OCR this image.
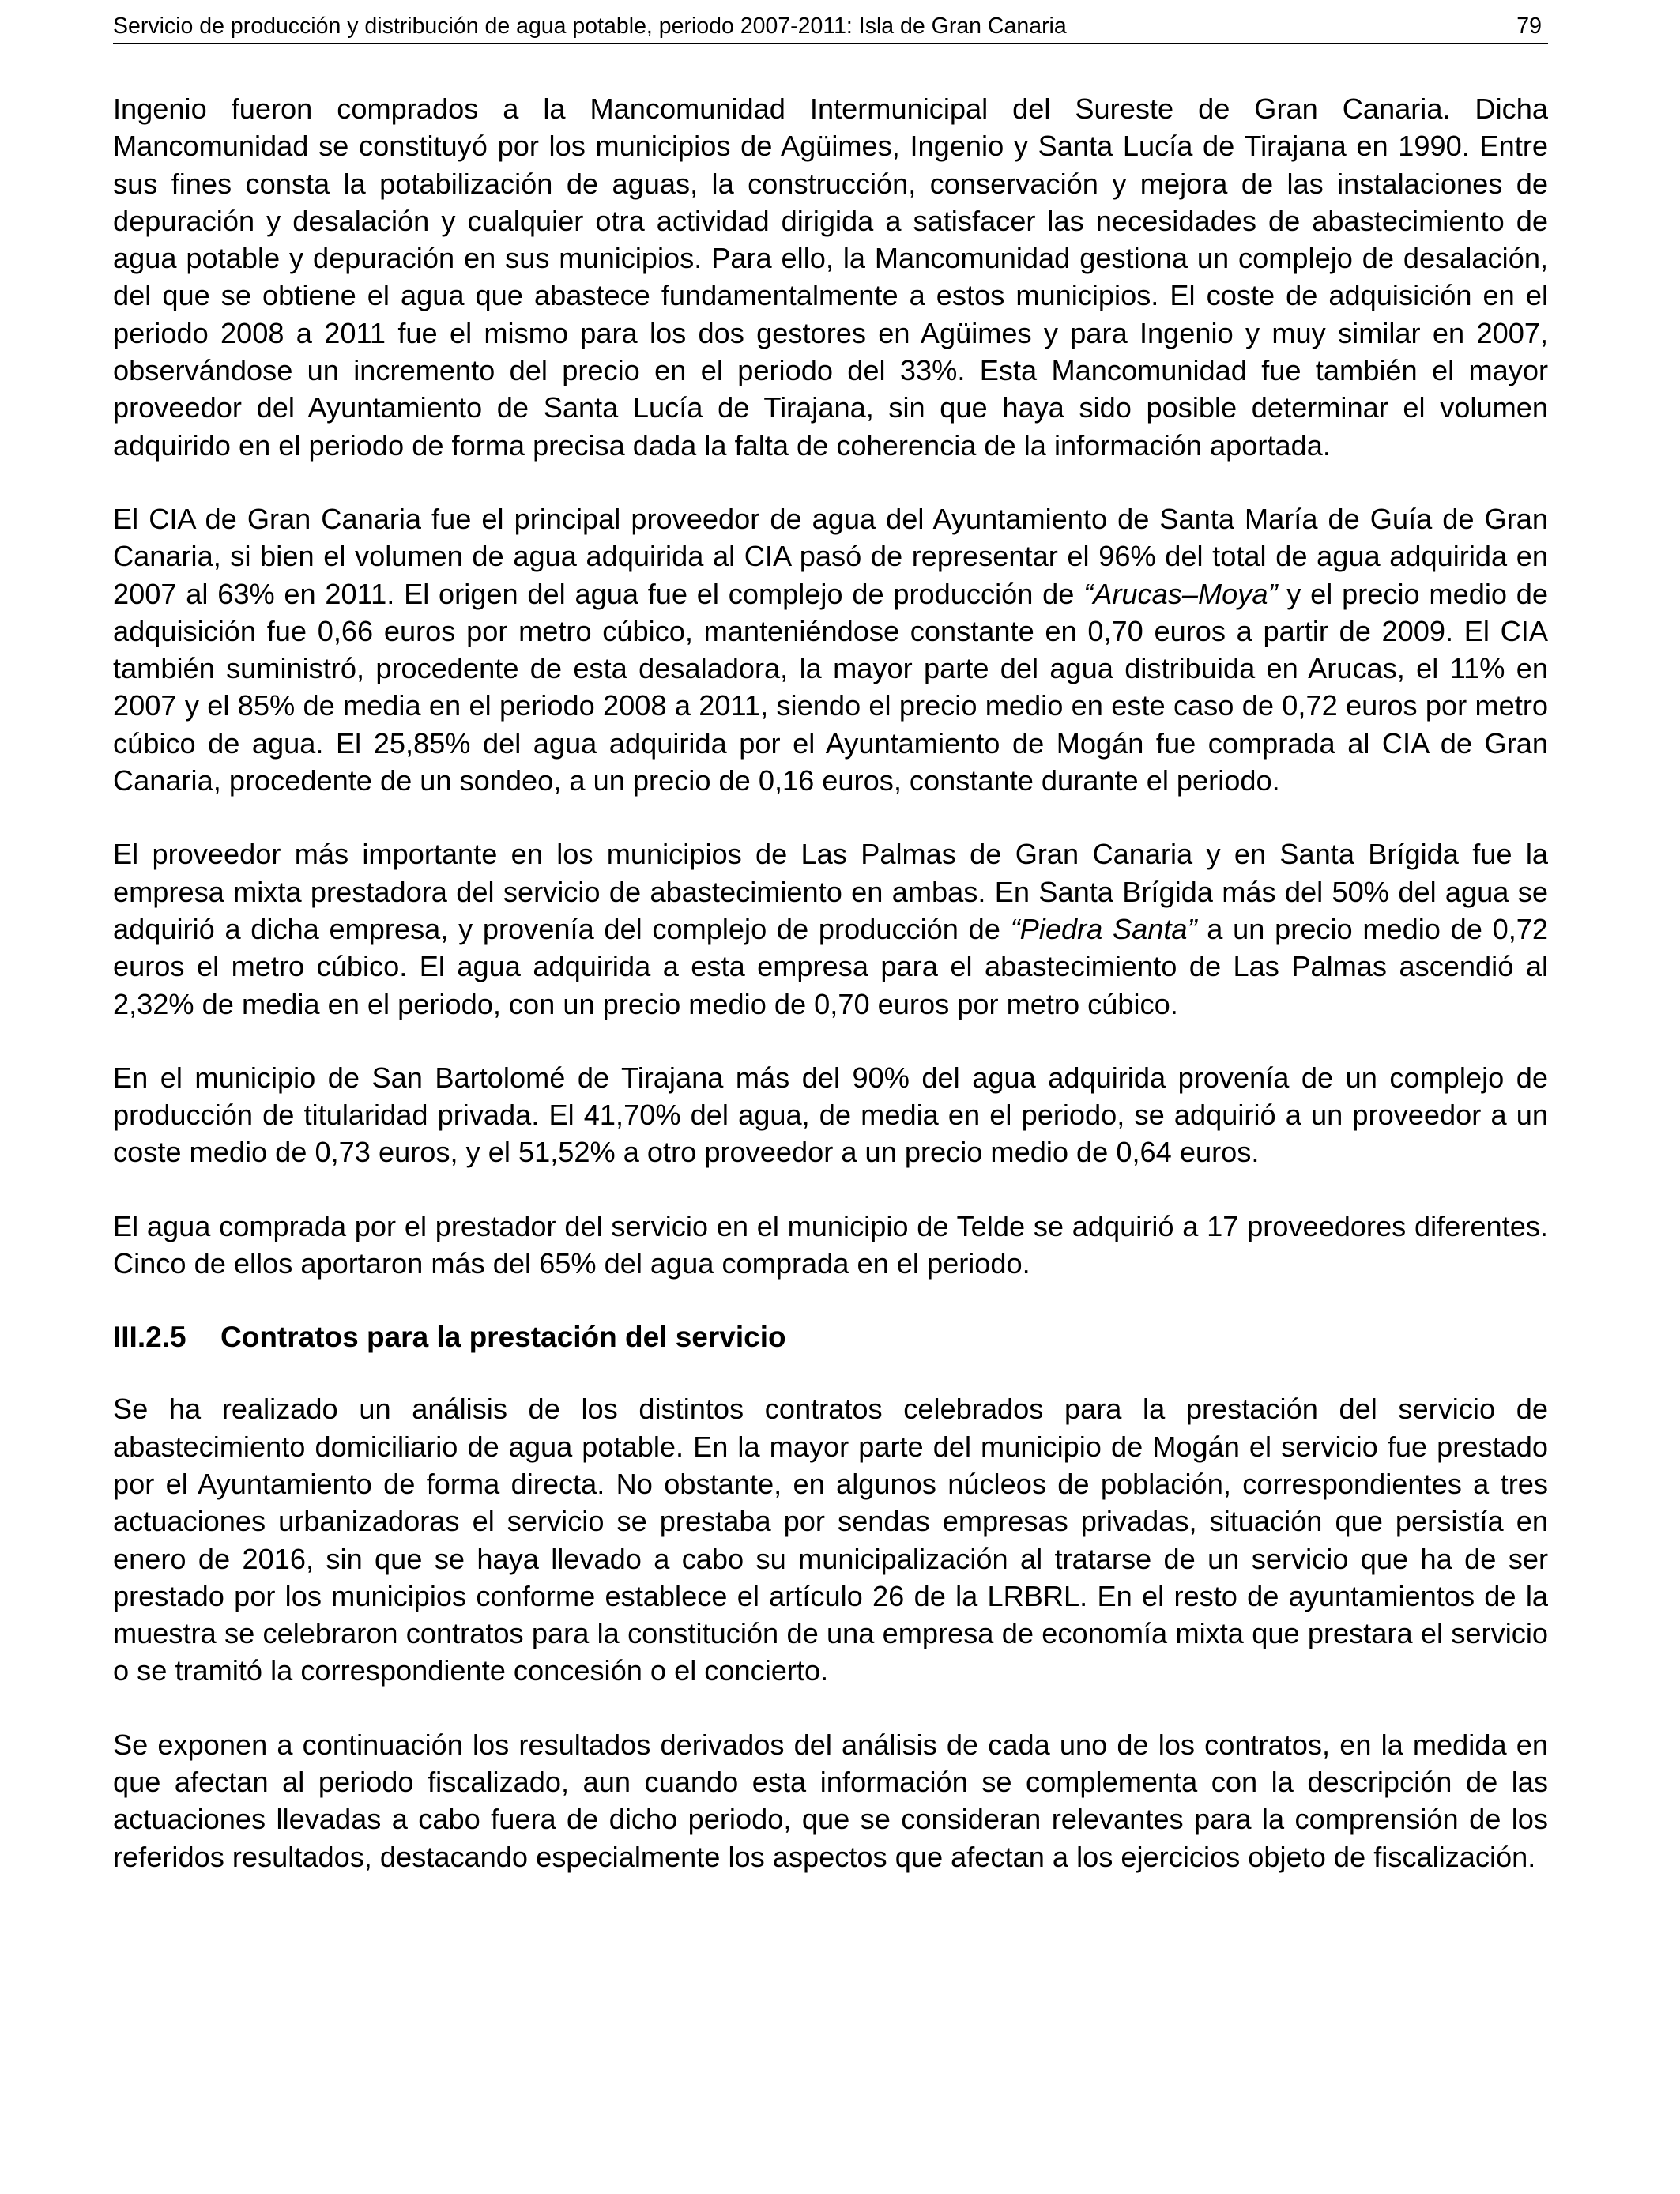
Servicio de producción y distribución de agua potable, periodo 2007-2011: Isla de Gran Canaria	79

Ingenio fueron comprados a la Mancomunidad Intermunicipal del Sureste de Gran Canaria. Dicha Mancomunidad se constituyó por los municipios de Agüimes, Ingenio y Santa Lucía de Tirajana en 1990. Entre sus fines consta la potabilización de aguas, la construcción, conservación y mejora de las instalaciones de depuración y desalación y cualquier otra actividad dirigida a satisfacer las necesidades de abastecimiento de agua potable y depuración en sus municipios. Para ello, la Mancomunidad gestiona un complejo de desalación, del que se obtiene el agua que abastece fundamentalmente a estos municipios. El coste de adquisición en el periodo 2008 a 2011 fue el mismo para los dos gestores en Agüimes y para Ingenio y muy similar en 2007, observándose un incremento del precio en el periodo del 33%. Esta Mancomunidad fue también el mayor proveedor del Ayuntamiento de Santa Lucía de Tirajana, sin que haya sido posible determinar el volumen adquirido en el periodo de forma precisa dada la falta de coherencia de la información aportada.

El CIA de Gran Canaria fue el principal proveedor de agua del Ayuntamiento de Santa María de Guía de Gran Canaria, si bien el volumen de agua adquirida al CIA pasó de representar el 96% del total de agua adquirida en 2007 al 63% en 2011. El origen del agua fue el complejo de producción de “Arucas–Moya” y el precio medio de adquisición fue 0,66 euros por metro cúbico, manteniéndose constante en 0,70 euros a partir de 2009. El CIA también suministró, procedente de esta desaladora, la mayor parte del agua distribuida en Arucas, el 11% en 2007 y el 85% de media en el periodo 2008 a 2011, siendo el precio medio en este caso de 0,72 euros por metro cúbico de agua. El 25,85% del agua adquirida por el Ayuntamiento de Mogán fue comprada al CIA de Gran Canaria, procedente de un sondeo, a un precio de 0,16 euros, constante durante el periodo.

El proveedor más importante en los municipios de Las Palmas de Gran Canaria y en Santa Brígida fue la empresa mixta prestadora del servicio de abastecimiento en ambas. En Santa Brígida más del 50% del agua se adquirió a dicha empresa, y provenía del complejo de producción de “Piedra Santa” a un precio medio de 0,72 euros el metro cúbico. El agua adquirida a esta empresa para el abastecimiento de Las Palmas ascendió al 2,32% de media en el periodo, con un precio medio de 0,70 euros por metro cúbico.

En el municipio de San Bartolomé de Tirajana más del 90% del agua adquirida provenía de un complejo de producción de titularidad privada. El 41,70% del agua, de media en el periodo, se adquirió a un proveedor a un coste medio de 0,73 euros, y el 51,52% a otro proveedor a un precio medio de 0,64 euros.

El agua comprada por el prestador del servicio en el municipio de Telde se adquirió a 17 proveedores diferentes. Cinco de ellos aportaron más del 65% del agua comprada en el periodo.

III.2.5 Contratos para la prestación del servicio

Se ha realizado un análisis de los distintos contratos celebrados para la prestación del servicio de abastecimiento domiciliario de agua potable. En la mayor parte del municipio de Mogán el servicio fue prestado por el Ayuntamiento de forma directa. No obstante, en algunos núcleos de población, correspondientes a tres actuaciones urbanizadoras el servicio se prestaba por sendas empresas privadas, situación que persistía en enero de 2016, sin que se haya llevado a cabo su municipalización al tratarse de un servicio que ha de ser prestado por los municipios conforme establece el artículo 26 de la LRBRL. En el resto de ayuntamientos de la muestra se celebraron contratos para la constitución de una empresa de economía mixta que prestara el servicio o se tramitó la correspondiente concesión o el concierto.

Se exponen a continuación los resultados derivados del análisis de cada uno de los contratos, en la medida en que afectan al periodo fiscalizado, aun cuando esta información se complementa con la descripción de las actuaciones llevadas a cabo fuera de dicho periodo, que se consideran relevantes para la comprensión de los referidos resultados, destacando especialmente los aspectos que afectan a los ejercicios objeto de fiscalización.
